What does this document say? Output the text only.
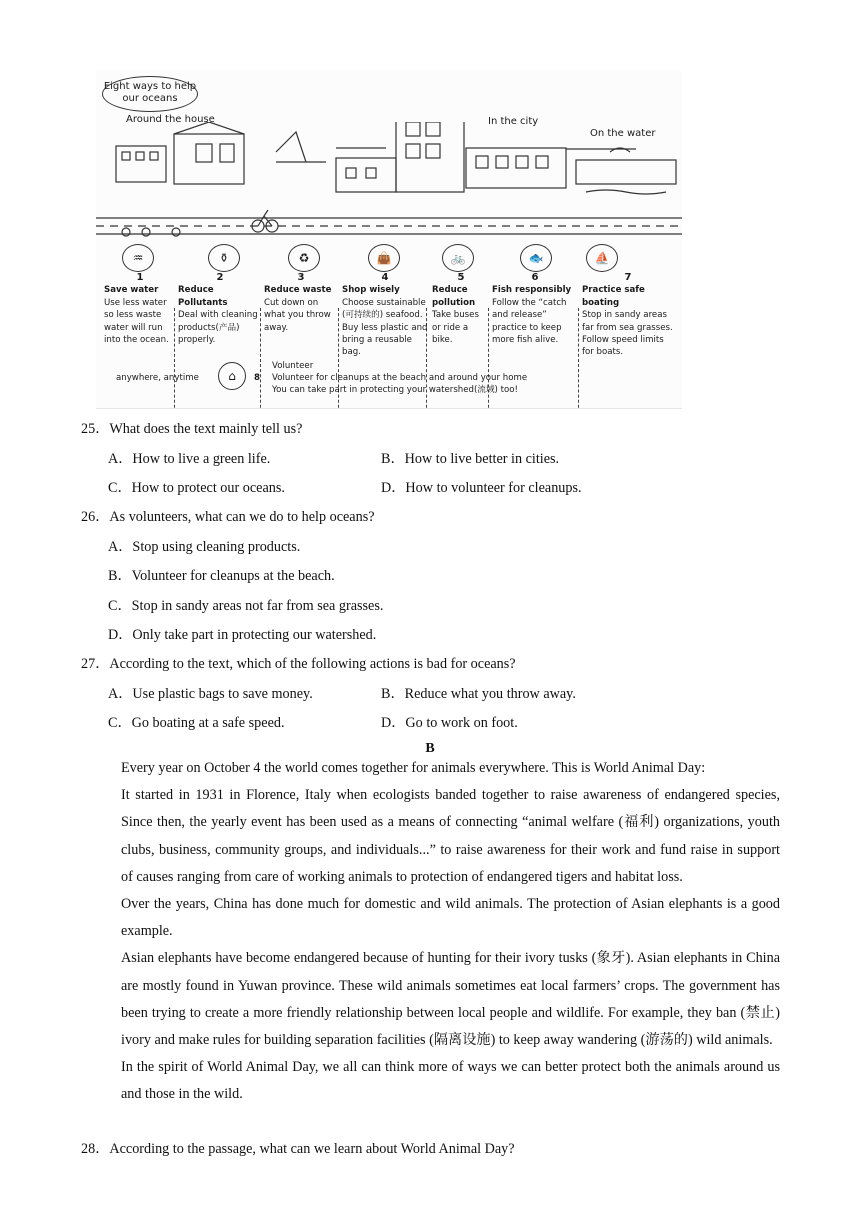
Eight ways to help our oceans
Around the house	In the city
On the water
♒
1
Save water
Use less water so less waste water will run into the ocean.
⚱
2
Reduce Pollutants
Deal with cleaning products(产品) properly.
♻
3
Reduce waste
Cut down on what you throw away.
👜
4
Shop wisely
Choose sustainable (可持续的) seafood. Buy less plastic and bring a reusable bag.
🚲
5
Reduce pollution
Take buses or ride a bike.
🐟
6
Fish responsibly
Follow the “catch and release” practice to keep more fish alive.
⛵
7
Practice safe boating
Stop in sandy areas far from sea grasses. Follow speed limits for boats.
anywhere, anytime	⌂	8
Volunteer
Volunteer for cleanups at the beach and around your home
You can take part in protecting your watershed(流域) too!
25．What does the text mainly tell us?
A．How to live a green life.	B．How to live better in cities.
C．How to protect our oceans.	D．How to volunteer for cleanups.
26．As volunteers, what can we do to help oceans?
A．Stop using cleaning products.
B．Volunteer for cleanups at the beach.
C．Stop in sandy areas not far from sea grasses.
D．Only take part in protecting our watershed.
27．According to the text, which of the following actions is bad for oceans?
A．Use plastic bags to save money.	B．Reduce what you throw away.
C．Go boating at a safe speed.	D．Go to work on foot.
B
Every year on October 4 the world comes together for animals everywhere. This is World Animal Day:
It started in 1931 in Florence, Italy when ecologists banded together to raise awareness of endangered species, Since then, the yearly event has been used as a means of connecting “animal welfare (福利) organizations, youth clubs, business, community groups, and individuals...” to raise awareness for their work and fund raise in support of causes ranging from care of working animals to protection of endangered tigers and habitat loss.
Over the years, China has done much for domestic and wild animals. The protection of Asian elephants is a good example.
Asian elephants have become endangered because of hunting for their ivory tusks (象牙). Asian elephants in China are mostly found in Yuwan province. These wild animals sometimes eat local farmers’ crops. The government has been trying to create a more friendly relationship between local people and wildlife. For example, they ban (禁止) ivory and make rules for building separation facilities (隔离设施) to keep away wandering (游荡的) wild animals.
In the spirit of World Animal Day, we all can think more of ways we can better protect both the animals around us and those in the wild.
28．According to the passage, what can we learn about World Animal Day?
